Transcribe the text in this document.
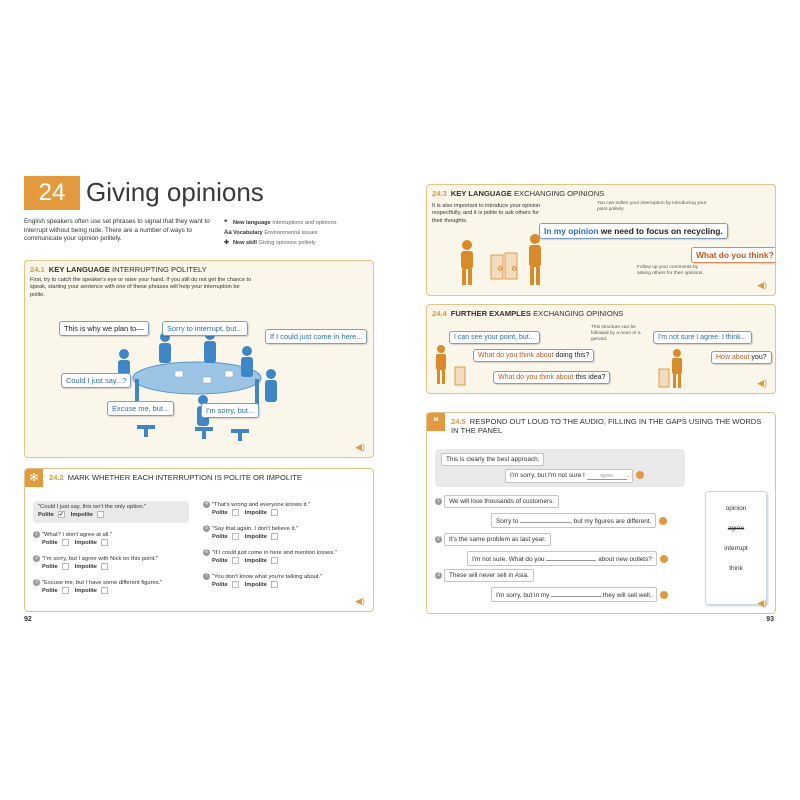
24 Giving opinions
English speakers often use set phrases to signal that they want to interrupt without being rude. There are a number of ways to communicate your opinion politely.
❝ New language Interruptions and opinions
AaVocabulary Environmental issues
✚ New skill Giving opinions politely
24.1 KEY LANGUAGE INTERRUPTING POLITELY
First, try to catch the speaker's eye or raise your hand. If you still do not get the chance to speak, starting your sentence with one of these phrases will help your interruption be polite.
This is why we plan to—	Sorry to interrupt, but...
If I could just come in here...
Could I just say...?
Excuse me, but...	I'm sorry, but...
◀)
✻	24.2 MARK WHETHER EACH INTERRUPTION IS POLITE OR IMPOLITE
"Could I just say, this isn't the only option."
Polite ✓ Impolite
1 "What? I don't agree at all."
Polite	Impolite
2 "I'm sorry, but I agree with Nick on this point."
Polite	Impolite
3 "Excuse me, but I have some different figures."
Polite	Impolite
4 "That's wrong and everyone knows it."
Polite	Impolite
5 "Say that again. I don't believe it."
Polite	Impolite
6 "If I could just come in here and mention losses."
Polite	Impolite
7 "You don't know what you're talking about."
Polite	Impolite
◀)
92
24.3 KEY LANGUAGE EXCHANGING OPINIONS
It is also important to introduce your opinion respectfully, and it is polite to ask others for their thoughts.
You can soften your interruption by introducing your point politely
In my opinion we need to focus on recycling.
What do you think?
Follow up your comments by asking others for their opinions.
♻ ♻
◀)
24.4 FURTHER EXAMPLES EXCHANGING OPINIONS
This structure can be followed by a noun or a gerund.
I can see your point, but...
What do you think about doing this?
What do you think about this idea?
I'm not sure I agree. I think...
How about you?
◀)
❝	24.5 RESPOND OUT LOUD TO THE AUDIO, FILLING IN THE GAPS USING THE WORDS IN THE PANEL
This is clearly the best approach.
I'm sorry, but I'm not sure I	agree .
1 We will lose thousands of customers.
Sorry to	, but my figures are different.
2 It's the same problem as last year.
I'm not sure. What do you	about new outlets?
3 These will never sell in Asia.
I'm sorry, but in my	they will sell well.
opinion
agree
interrupt
think
◀)
93
